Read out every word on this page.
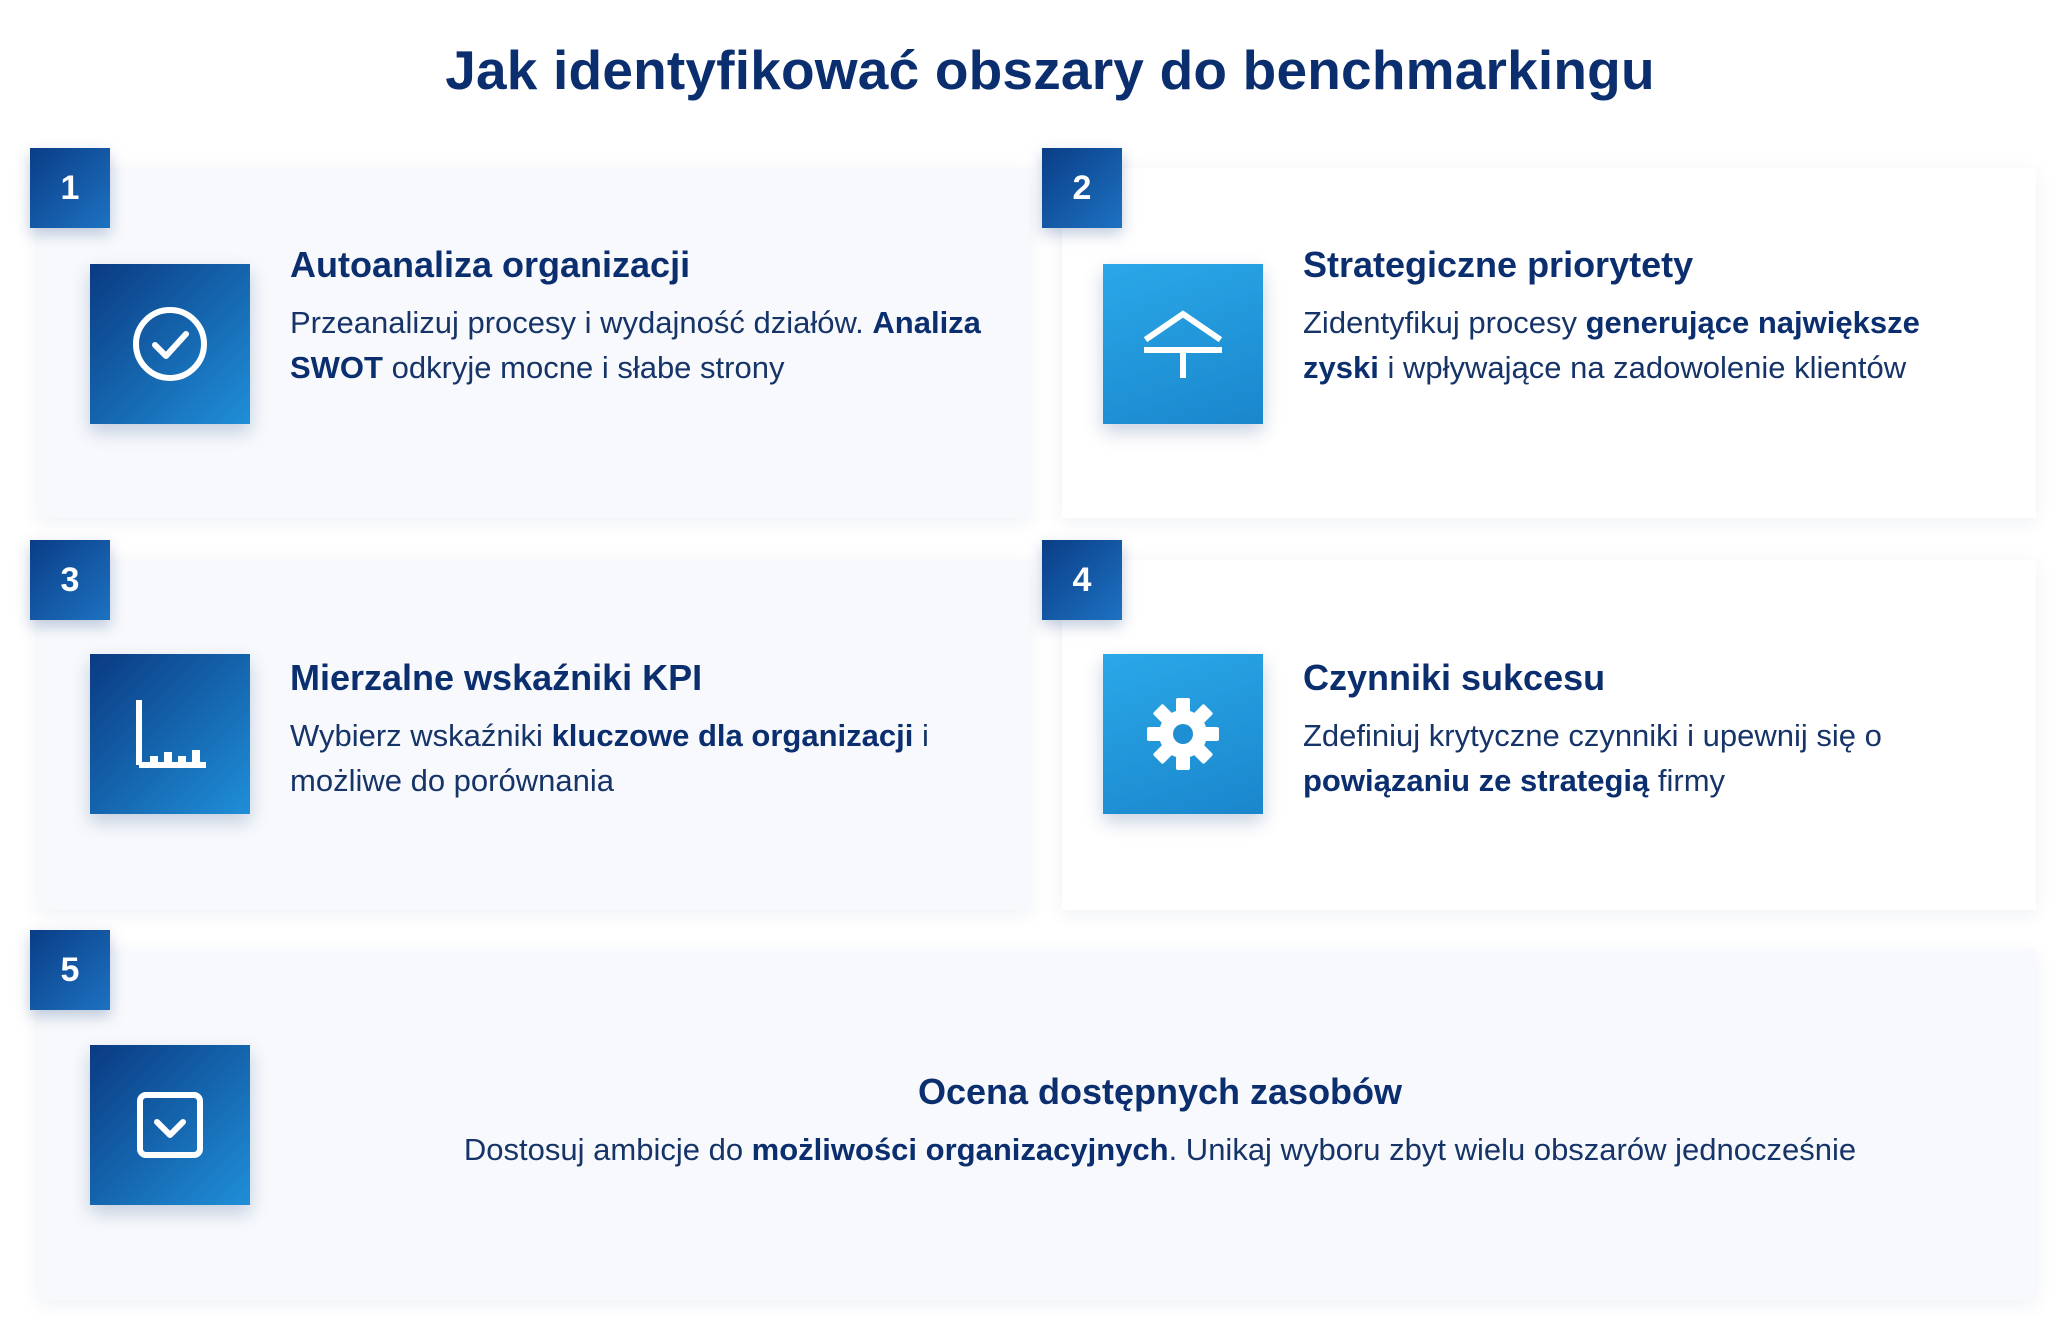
Jak identyfikować obszary do benchmarkingu
1
Autoanaliza organizacji

Przeanalizuj procesy i wydajność działów. Analiza SWOT odkryje mocne i słabe strony

2
Strategiczne priorytety

Zidentyfikuj procesy generujące największe zyski i wpływające na zadowolenie klientów

3
Mierzalne wskaźniki KPI

Wybierz wskaźniki kluczowe dla organizacji i możliwe do porównania

4
Czynniki sukcesu

Zdefiniuj krytyczne czynniki i upewnij się o powiązaniu ze strategią firmy

5
Ocena dostępnych zasobów

Dostosuj ambicje do możliwości organizacyjnych. Unikaj wyboru zbyt wielu obszarów jednocześnie
